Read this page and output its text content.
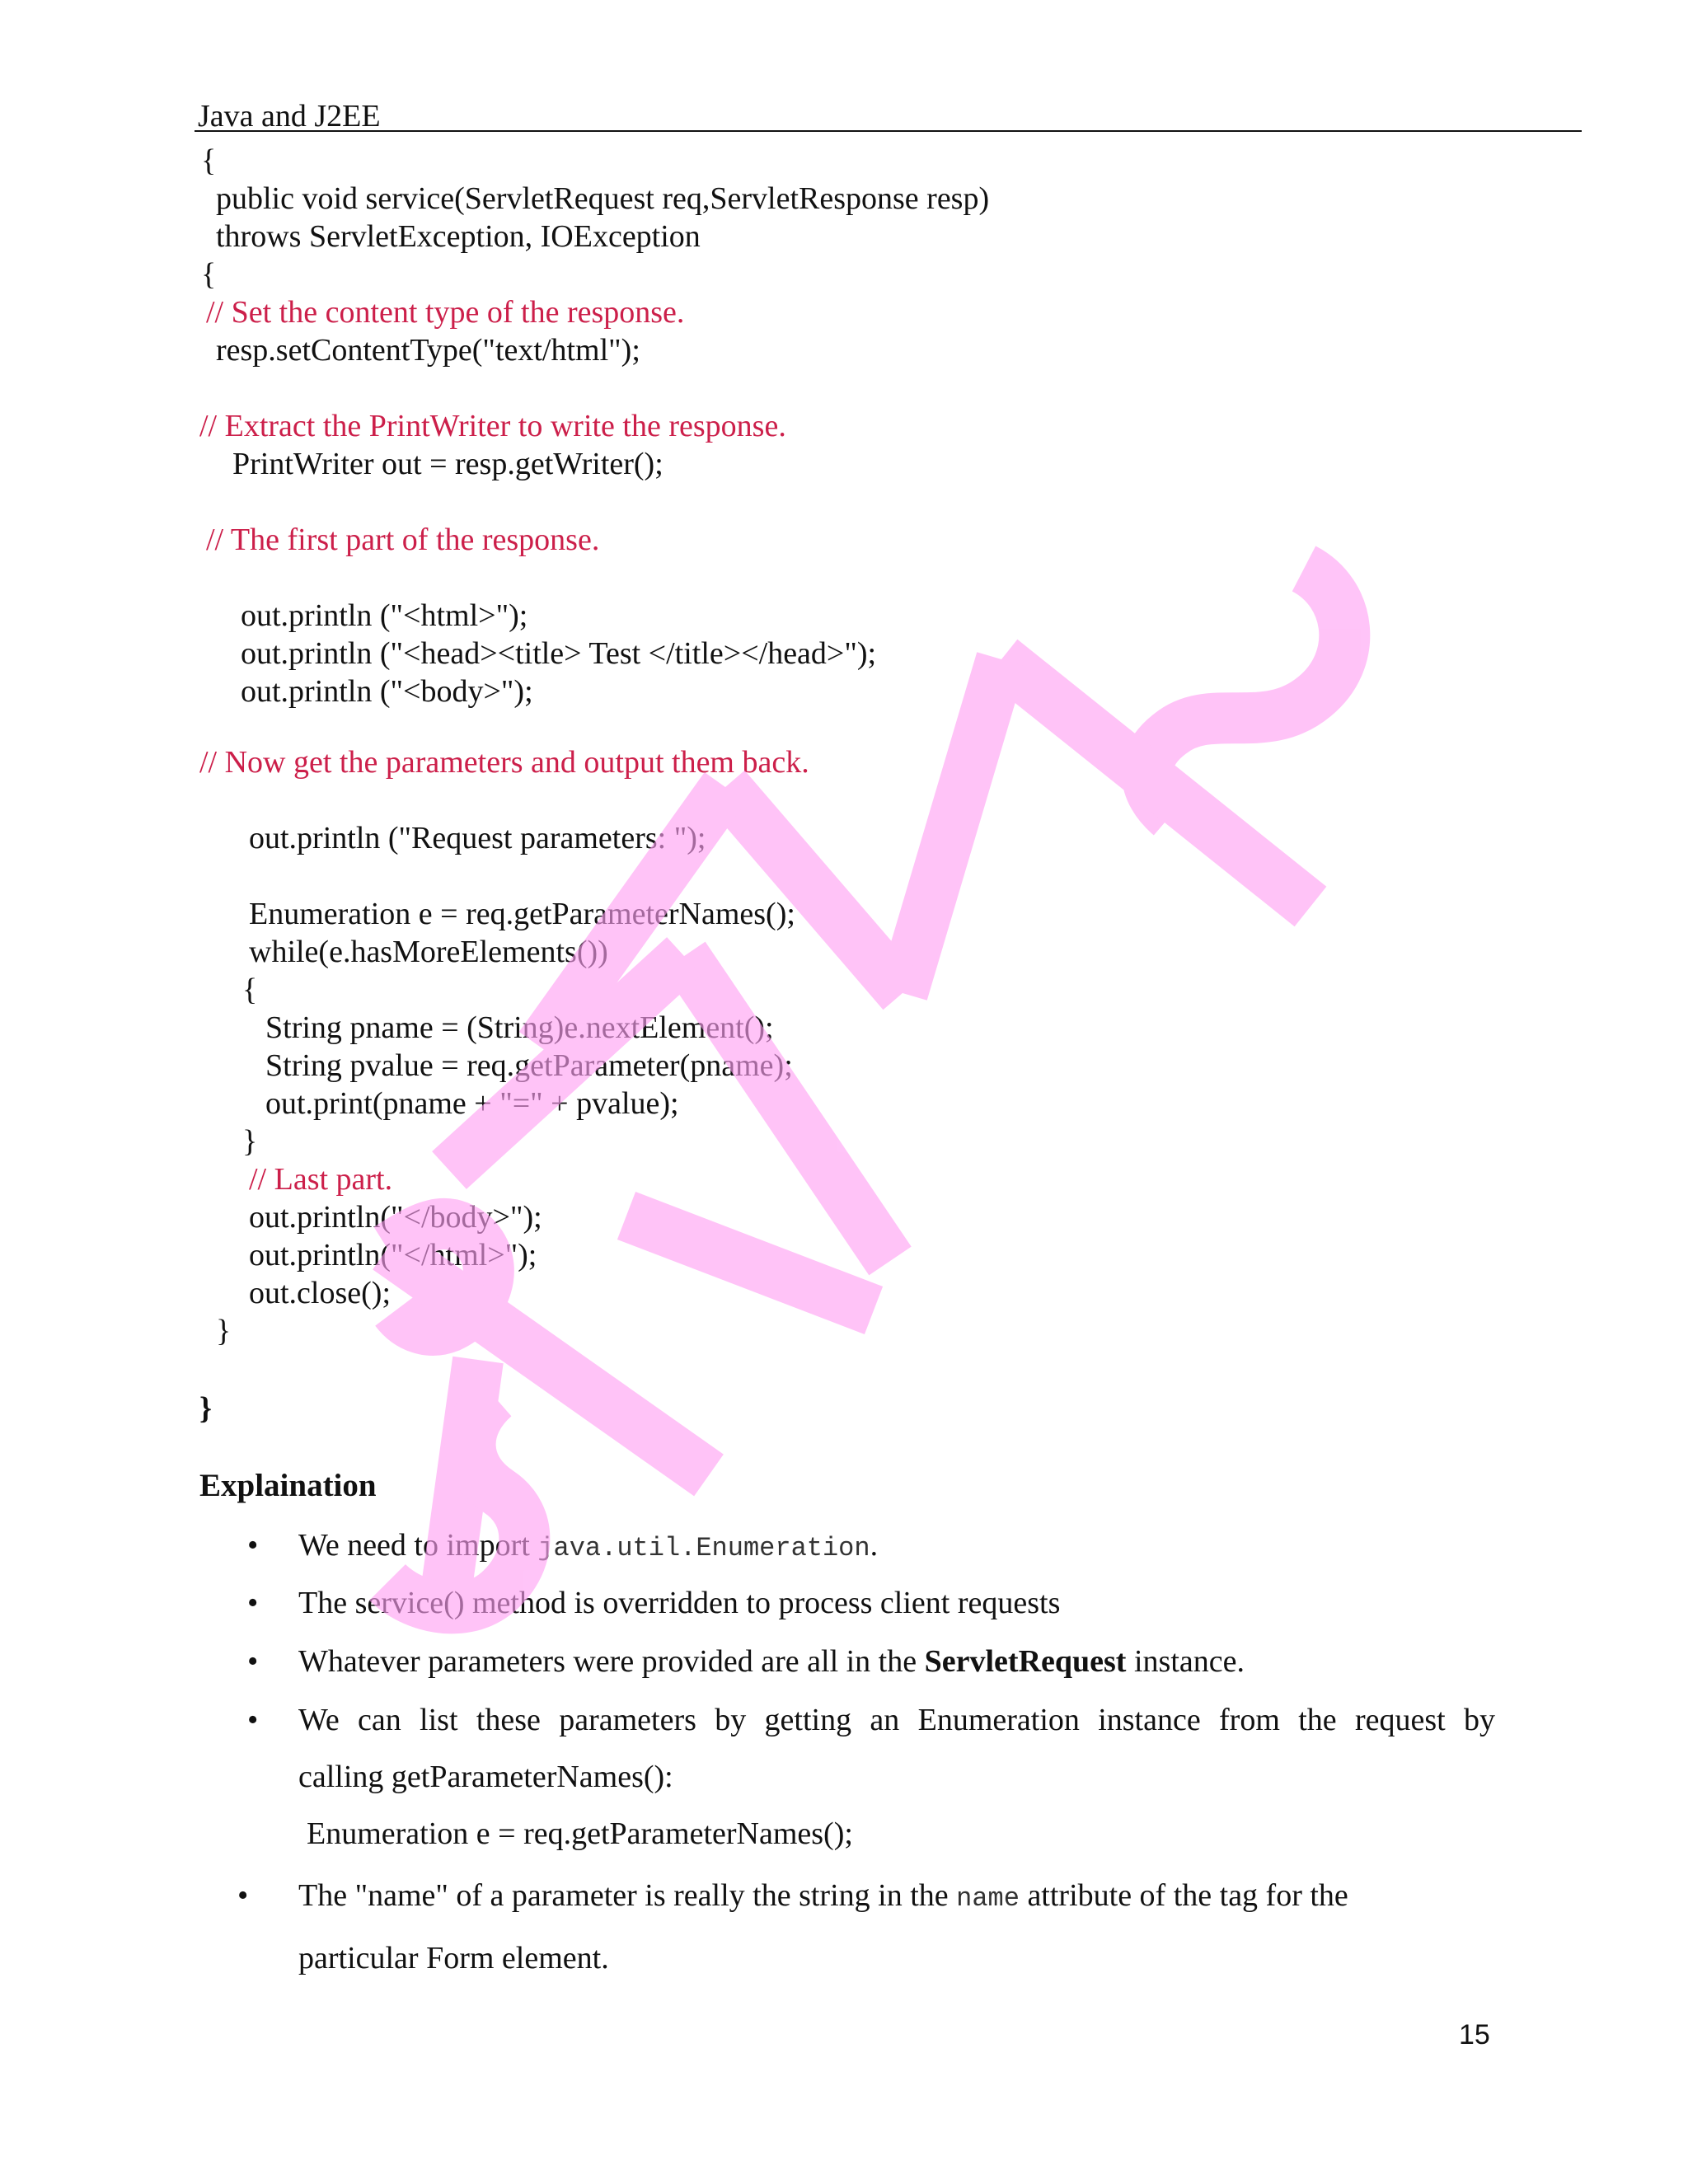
Java and J2EE
{
public void service(ServletRequest req,ServletResponse resp)
throws ServletException, IOException
{
// Set the content type of the response.
resp.setContentType("text/html");
// Extract the PrintWriter to write the response.
PrintWriter out = resp.getWriter();
// The first part of the response.
out.println ("<html>");
out.println ("<head><title> Test </title></head>");
out.println ("<body>");
// Now get the parameters and output them back.
out.println ("Request parameters: ");
Enumeration e = req.getParameterNames();
while(e.hasMoreElements())
{
String pname = (String)e.nextElement();
String pvalue = req.getParameter(pname);
out.print(pname + "=" + pvalue);
}
// Last part.
out.println("</body>");
out.println("</html>");
out.close();
}
}
Explaination
• We need to import java.util.Enumeration.
• The service() method is overridden to process client requests
• Whatever parameters were provided are all in the ServletRequest instance.
• We can list these parameters by getting an Enumeration instance from the request by
calling getParameterNames():
Enumeration e = req.getParameterNames();
• The "name" of a parameter is really the string in the name attribute of the tag for the
particular Form element.
15
